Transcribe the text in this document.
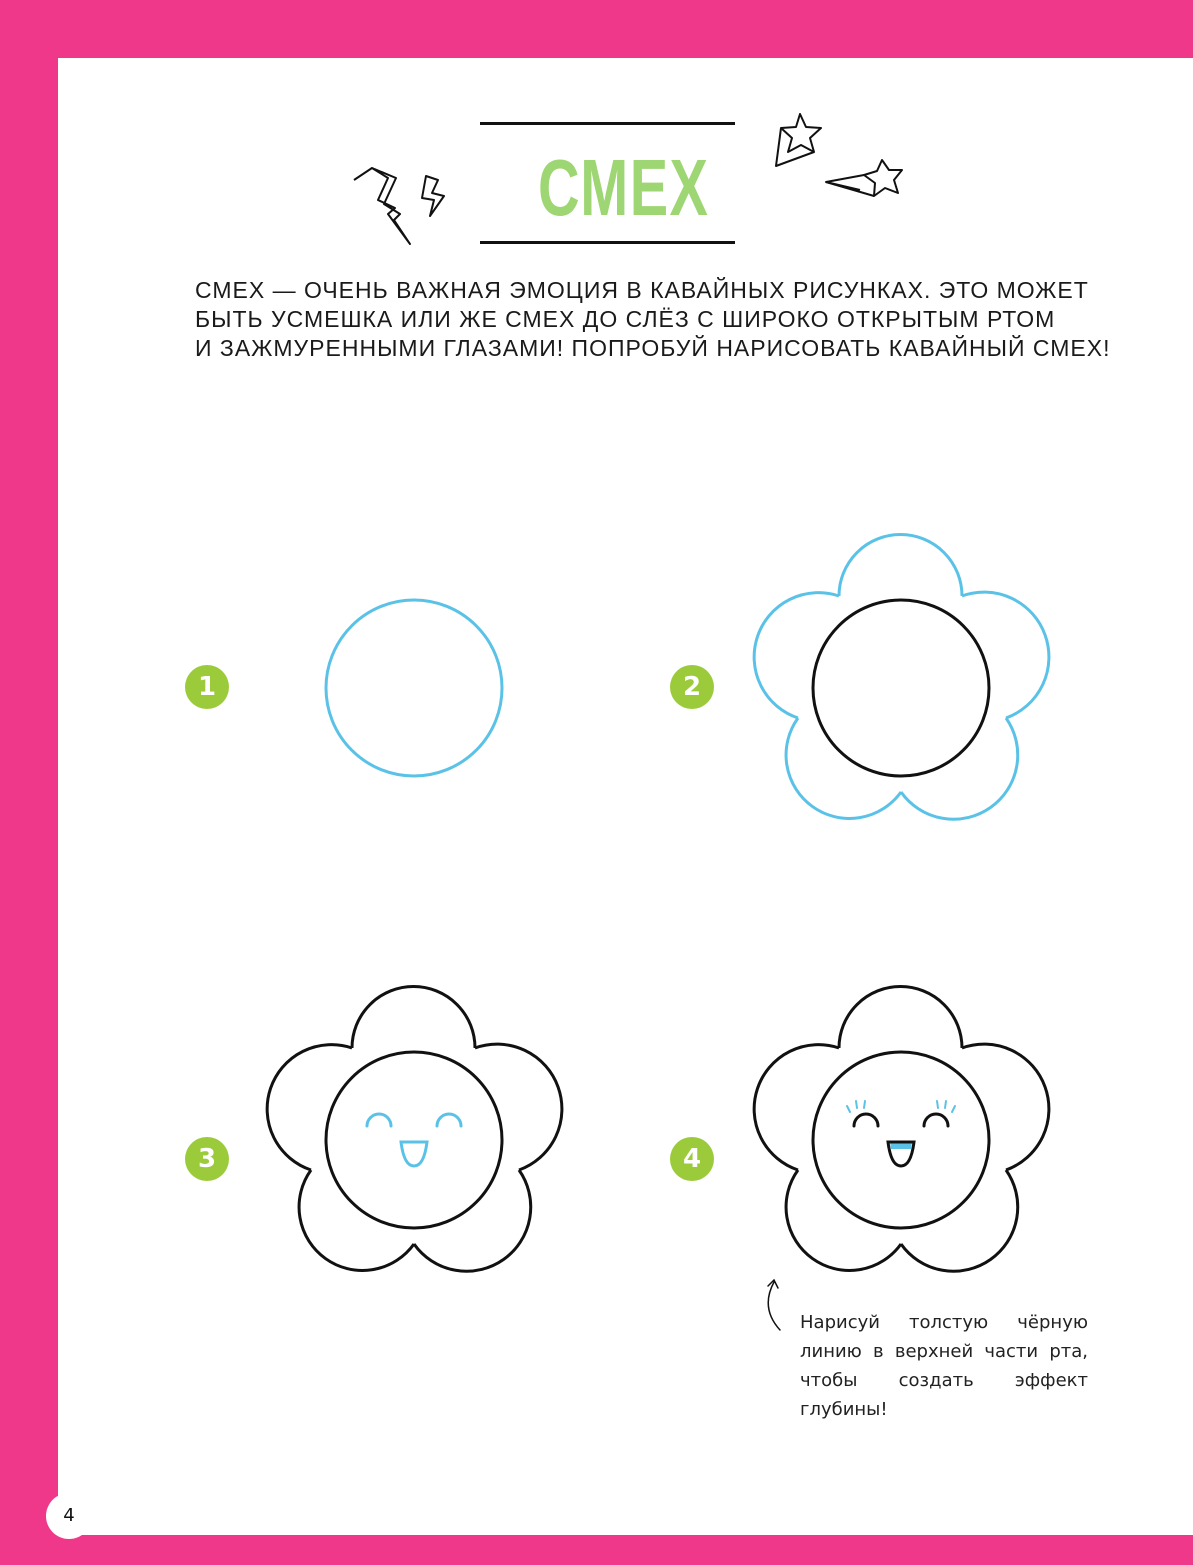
СМЕХ
СМЕХ — ОЧЕНЬ ВАЖНАЯ ЭМОЦИЯ В КАВАЙНЫХ РИСУНКАХ. ЭТО МОЖЕТ
БЫТЬ УСМЕШКА ИЛИ ЖЕ СМЕХ ДО СЛЁЗ С ШИРОКО ОТКРЫТЫМ РТОМ
И ЗАЖМУРЕННЫМИ ГЛАЗАМИ! ПОПРОБУЙ НАРИСОВАТЬ КАВАЙНЫЙ СМЕХ!
1	2
3	4
Нарисуй толстую чёрную линию в верхней части рта, чтобы создать эффект глубины!
4
